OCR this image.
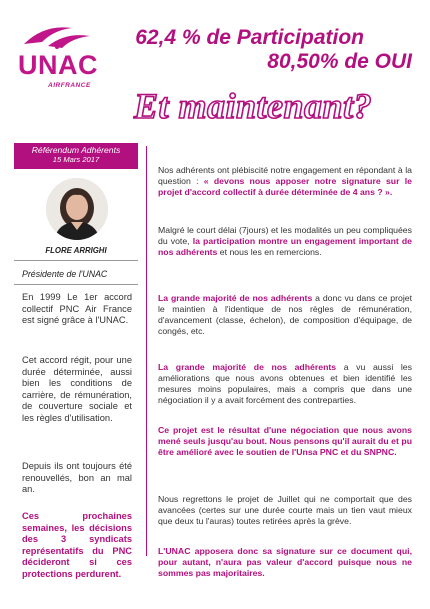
UNAC
AIRFRANCE
62,4 % de Participation
80,50% de OUI
Et maintenant?
Référendum Adhérents
15 Mars 2017
FLORE ARRIGHI
Présidente de l'UNAC
En 1999 Le 1er accord collectif PNC Air France est signé grâce à l'UNAC.
Cet accord régit, pour une durée déterminée, aussi bien les conditions de carrière, de rémunération, de couverture sociale et les règles d'utilisation.
Depuis ils ont toujours été renouvellés, bon an mal an.
Ces prochaines semaines, les décisions des 3 syndicats représentatifs du PNC décideront si ces protections perdurent.

Nos adhérents ont plébiscité notre engagement en répondant à la question : « devons nous apposer notre signature sur le projet d'accord collectif à durée déterminée de 4 ans ? ».

Malgré le court délai (7jours) et les modalités un peu compliquées du vote, la participation montre un engagement important de nos adhérents et nous les en remercions.

La grande majorité de nos adhérents a donc vu dans ce projet le maintien à l'identique de nos règles de rémunération, d'avancement (classe, échelon), de composition d'équipage, de congés, etc.

La grande majorité de nos adhérents a vu aussi les améliorations que nous avons obtenues et bien identifié les mesures moins populaires, mais a compris que dans une négociation il y a avait forcément des contreparties.

Ce projet est le résultat d'une négociation que nous avons mené seuls jusqu'au bout. Nous pensons qu'il aurait du et pu être amélioré avec le soutien de l'Unsa PNC et du SNPNC.

Nous regrettons le projet de Juillet qui ne comportait que des avancées (certes sur une durée courte mais un tien vaut mieux que deux tu l'auras) toutes retirées après la grève.

L'UNAC apposera donc sa signature sur ce document qui, pour autant, n'aura pas valeur d'accord puisque nous ne sommes pas majoritaires.
